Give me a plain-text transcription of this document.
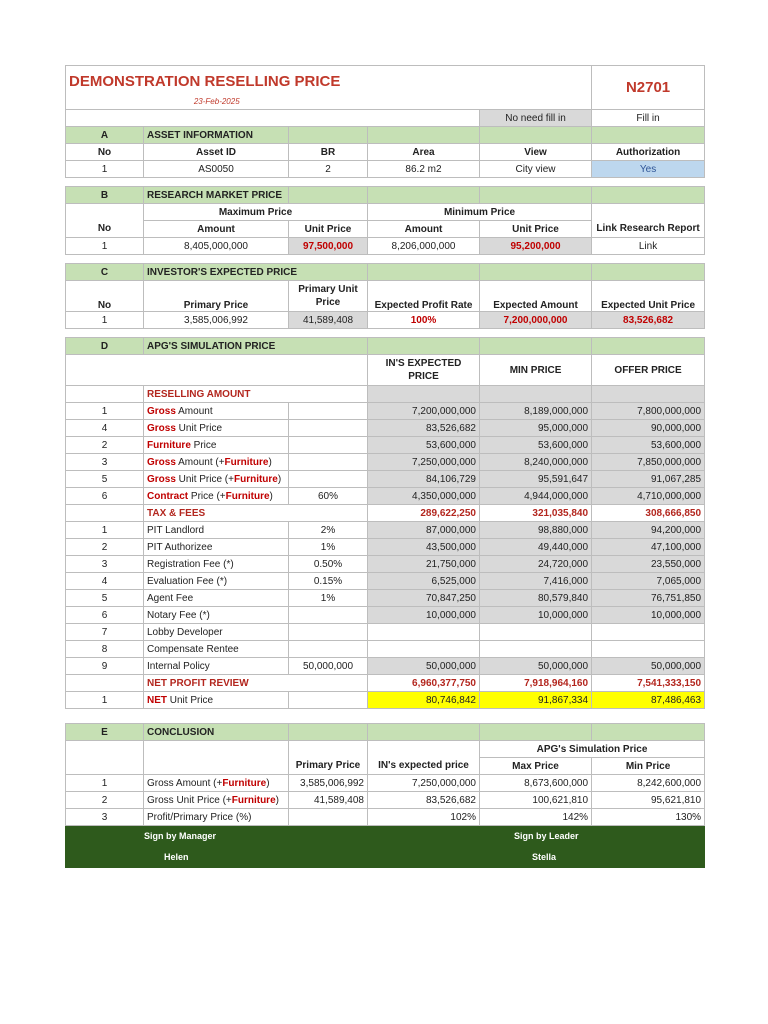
DEMONSTRATION RESELLING PRICE					N2701
23-Feb-2025					
				No need fill in	Fill in
A	ASSET INFORMATION				
No	Asset ID	BR	Area	View	Authorization
1	AS0050	2	86.2 m2	City view	Yes

B	RESEARCH MARKET PRICE				
	Maximum Price		Minimum Price		
No	Amount	Unit Price	Amount	Unit Price	Link Research Report
1	8,405,000,000	97,500,000	8,206,000,000	95,200,000	Link

C	INVESTOR'S EXPECTED PRICE				
No	Primary Price	Primary Unit Price	Expected Profit Rate	Expected Amount	Expected Unit Price
1	3,585,006,992	41,589,408	100%	7,200,000,000	83,526,682

D	APG'S SIMULATION PRICE				
			IN'S EXPECTED PRICE	MIN PRICE	OFFER PRICE
	RESELLING AMOUNT				
1	Gross Amount		7,200,000,000	8,189,000,000	7,800,000,000
4	Gross Unit Price		83,526,682	95,000,000	90,000,000
2	Furniture Price		53,600,000	53,600,000	53,600,000
3	Gross Amount (+Furniture)		7,250,000,000	8,240,000,000	7,850,000,000
5	Gross Unit Price (+Furniture)		84,106,729	95,591,647	91,067,285
6	Contract Price (+Furniture)	60%	4,350,000,000	4,944,000,000	4,710,000,000
	TAX & FEES		289,622,250	321,035,840	308,666,850
1	PIT Landlord	2%	87,000,000	98,880,000	94,200,000
2	PIT Authorizee	1%	43,500,000	49,440,000	47,100,000
3	Registration Fee (*)	0.50%	21,750,000	24,720,000	23,550,000
4	Evaluation Fee (*)	0.15%	6,525,000	7,416,000	7,065,000
5	Agent Fee	1%	70,847,250	80,579,840	76,751,850
6	Notary Fee (*)		10,000,000	10,000,000	10,000,000
7	Lobby Developer				
8	Compensate Rentee				
9	Internal Policy	50,000,000	50,000,000	50,000,000	50,000,000
	NET PROFIT REVIEW		6,960,377,750	7,918,964,160	7,541,333,150
1	NET Unit Price		80,746,842	91,867,334	87,486,463

E	CONCLUSION				
				APG's Simulation Price	
		Primary Price	IN's expected price	Max Price	Min Price
1	Gross Amount (+Furniture)	3,585,006,992	7,250,000,000	8,673,600,000	8,242,600,000
2	Gross Unit Price (+Furniture)	41,589,408	83,526,682	100,621,810	95,621,810
3	Profit/Primary Price (%)		102%	142%	130%
Sign by Manager			Sign by Leader		
Helen			Stella		
